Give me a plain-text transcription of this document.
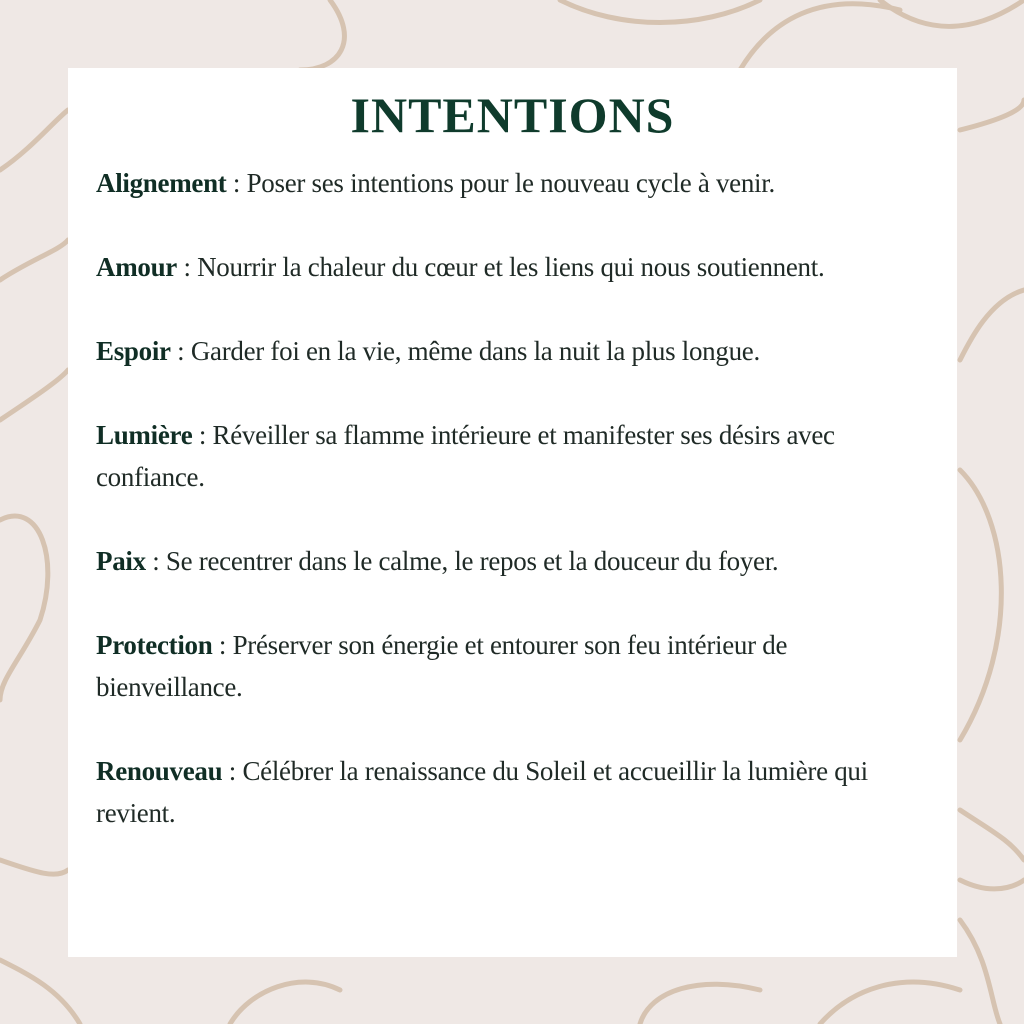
INTENTIONS

Alignement : Poser ses intentions pour le nouveau cycle à venir.

Amour : Nourrir la chaleur du cœur et les liens qui nous soutiennent.

Espoir : Garder foi en la vie, même dans la nuit la plus longue.

Lumière : Réveiller sa flamme intérieure et manifester ses désirs avec confiance.

Paix : Se recentrer dans le calme, le repos et la douceur du foyer.

Protection : Préserver son énergie et entourer son feu intérieur de bienveillance.

Renouveau : Célébrer la renaissance du Soleil et accueillir la lumière qui revient.
